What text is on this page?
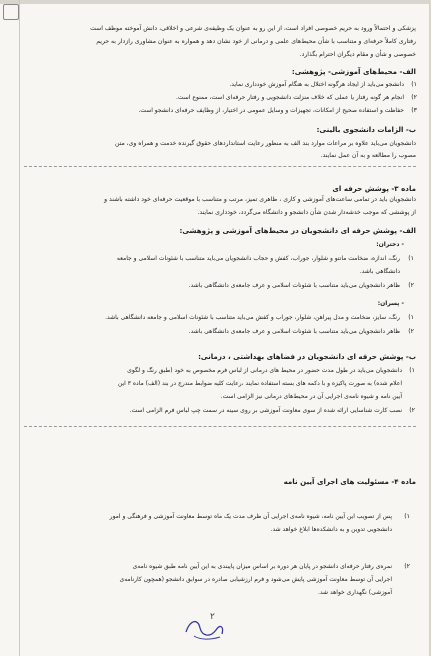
پزشکی و احتمالاً ورود به حریم خصوصی افراد است، از این رو به عنوان یک وظیفه‌ی شرعی و اخلاقی، دانش آموخته موظف است
رفتاری کاملاً حرفه‌ای و متناسب با شأن محیط‌های علمی و درمانی از خود نشان دهد و همواره به عنوان مشاوری رازدار به حریم
خصوصی و شأن و مقام دیگران احترام بگذارد.
الف- محیط‌های آموزشی- پژوهشی:
دانشجو می‌باید از ایجاد هرگونه اختلال به هنگام آموزش خودداری نماید.	۱)
انجام هر گونه رفتار یا عملی که خلاف منزلت دانشجویی و رفتار حرفه‌ای است، ممنوع است.	۲)
حفاظت و استفاده صحیح از امکانات، تجهیزات و وسایل عمومی در اختیار، از وظایف حرفه‌ای دانشجو است.	۳)
ب- الزامات دانشجوی بالینی:
دانشجویان می‌باید علاوه بر مراعات موارد بند الف به منظور رعایت استانداردهای حقوق گیرنده خدمت و همراه وی، متن
مصوب را مطالعه و به آن عمل نمایند.
ماده ۳- پوشش حرفه ای
دانشجویان باید در تمامی ساعت‌های آموزشی و کاری ، ظاهری تمیز، مرتب و متناسب با موقعیت حرفه‌ای خود داشته باشند و
از پوششی که موجب خدشه‌دار شدن شأن دانشجو و دانشگاه می‌گردد، خودداری نمایند.
الف- پوشش حرفه ای دانشجویان در محیط‌های آموزشی و پژوهشی:
- دختران:
رنگ، اندازه، ضخامت مانتو و شلوار، جوراب، کفش و حجاب دانشجویان می‌باید متناسب با شئونات اسلامی و جامعه	۱)
دانشگاهی باشد.
ظاهر دانشجویان می‌باید متناسب با شئونات اسلامی و عرف جامعه‌ی دانشگاهی باشد.	۲)
- پسران:
رنگ، سایز، ضخامت و مدل پیراهن، شلوار، جوراب و کفش می‌باید متناسب با شئونات اسلامی و جامعه دانشگاهی باشد.	۱)
ظاهر دانشجویان می‌باید متناسب با شئونات اسلامی و عرف جامعه‌ی دانشگاهی باشد.	۲)
ب- پوشش حرفه ای دانشجویان در فضاهای بهداشتی ، درمانی:
دانشجویان می‌باید در طول مدت حضور در محیط های درمانی از لباس فرم مخصوص به خود (طبق رنگ و لگوی	۱)
اعلام شده) به صورت پاکیزه و با دکمه های بسته استفاده نمایند ،رعایت کلیه ضوابط مندرج در بند (الف) ماده ۳ این
آیین نامه و شیوه نامه‌ی اجرایی آن در محیط‌های درمانی نیز الزامی است.
نصب کارت شناسایی ارائه شده از سوی معاونت آموزشی بر روی سینه در سمت چپ لباس فرم الزامی است.	۲)
ماده ۴- مسئولیت های اجرای آیین نامه
پس از تصویب این آیین نامه، شیوه نامه‌ی اجرایی آن ظرف مدت یک ماه توسط معاونت آموزشی و فرهنگی و امور	۱)
دانشجویی تدوین و به دانشکده‌ها ابلاغ خواهد شد.
نمره‌ی رفتار حرفه‌ای دانشجو در پایان هر دوره بر اساس میزان پایبندی به این آیین نامه طبق شیوه نامه‌ی	۲)
اجرایی آن توسط معاونت آموزشی پایش می‌شود و فرم ارزشیابی صادره در سوابق دانشجو (همچون کارنامه‌ی
آموزشی) نگهداری خواهد شد.
۲
